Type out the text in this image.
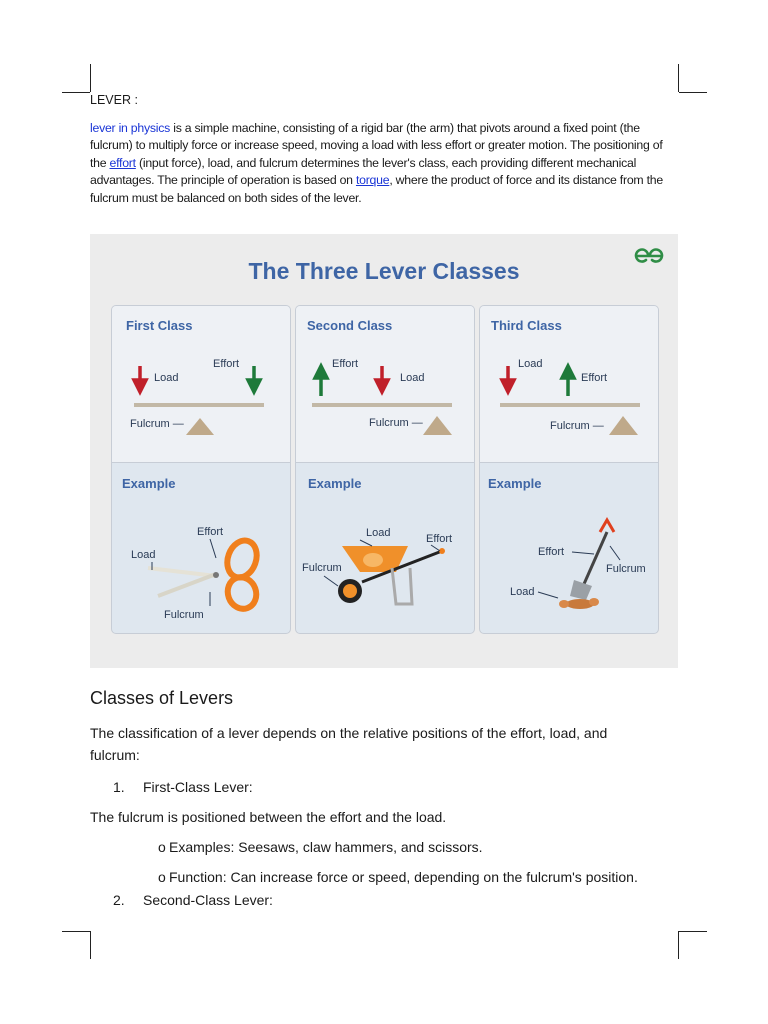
LEVER :
lever in physics is a simple machine, consisting of a rigid bar (the arm) that pivots around a fixed point (the fulcrum) to multiply force or increase speed, moving a load with less effort or greater motion. The positioning of the effort (input force), load, and fulcrum determines the lever's class, each providing different mechanical advantages. The principle of operation is based on torque, where the product of force and its distance from the fulcrum must be balanced on both sides of the lever.
The Three Lever Classes
First Class
Load
Effort
Fulcrum —
Example
Effort
Load
Fulcrum
Second Class
Effort
Load
Fulcrum —
Example
Load	Effort
Fulcrum
Third Class
Load
Effort
Fulcrum —
Example
Effort
Fulcrum
Load
Classes of Levers
The classification of a lever depends on the relative positions of the effort, load, and fulcrum:
1. First-Class Lever:
The fulcrum is positioned between the effort and the load.
o Examples: Seesaws, claw hammers, and scissors.
o Function: Can increase force or speed, depending on the fulcrum's position.
2. Second-Class Lever:
